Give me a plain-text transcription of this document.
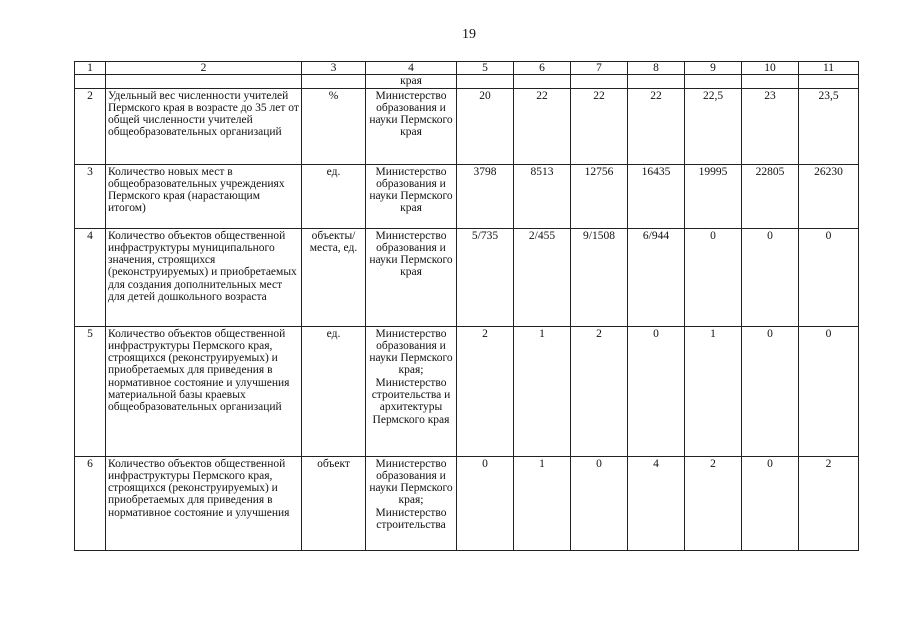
19
1	2	3	4	5	6	7	8	9	10	11
			края							
2	Удельный вес численности учителей Пермского края в возрасте до 35 лет от общей численности учителей общеобразовательных организаций	%	Министерство образования и науки Пермского края	20	22	22	22	22,5	23	23,5
3	Количество новых мест в общеобразовательных учреждениях Пермского края (нарастающим итогом)	ед.	Министерство образования и науки Пермского края	3798	8513	12756	16435	19995	22805	26230
4	Количество объектов общественной инфраструктуры муниципального значения, строящихся (реконструируемых) и приобретаемых для создания дополнительных мест для детей дошкольного возраста	объекты/ места, ед.	Министерство образования и науки Пермского края	5/735	2/455	9/1508	6/944	0	0	0
5	Количество объектов общественной инфраструктуры Пермского края, строящихся (реконструируемых) и приобретаемых для приведения в нормативное состояние и улучшения материальной базы краевых общеобразовательных организаций	ед.	Министерство образования и науки Пермского края; Министерство строительства и архитектуры Пермского края	2	1	2	0	1	0	0
6	Количество объектов общественной инфраструктуры Пермского края, строящихся (реконструируемых) и приобретаемых для приведения в нормативное состояние и улучшения	объект	Министерство образования и науки Пермского края; Министерство строительства	0	1	0	4	2	0	2
